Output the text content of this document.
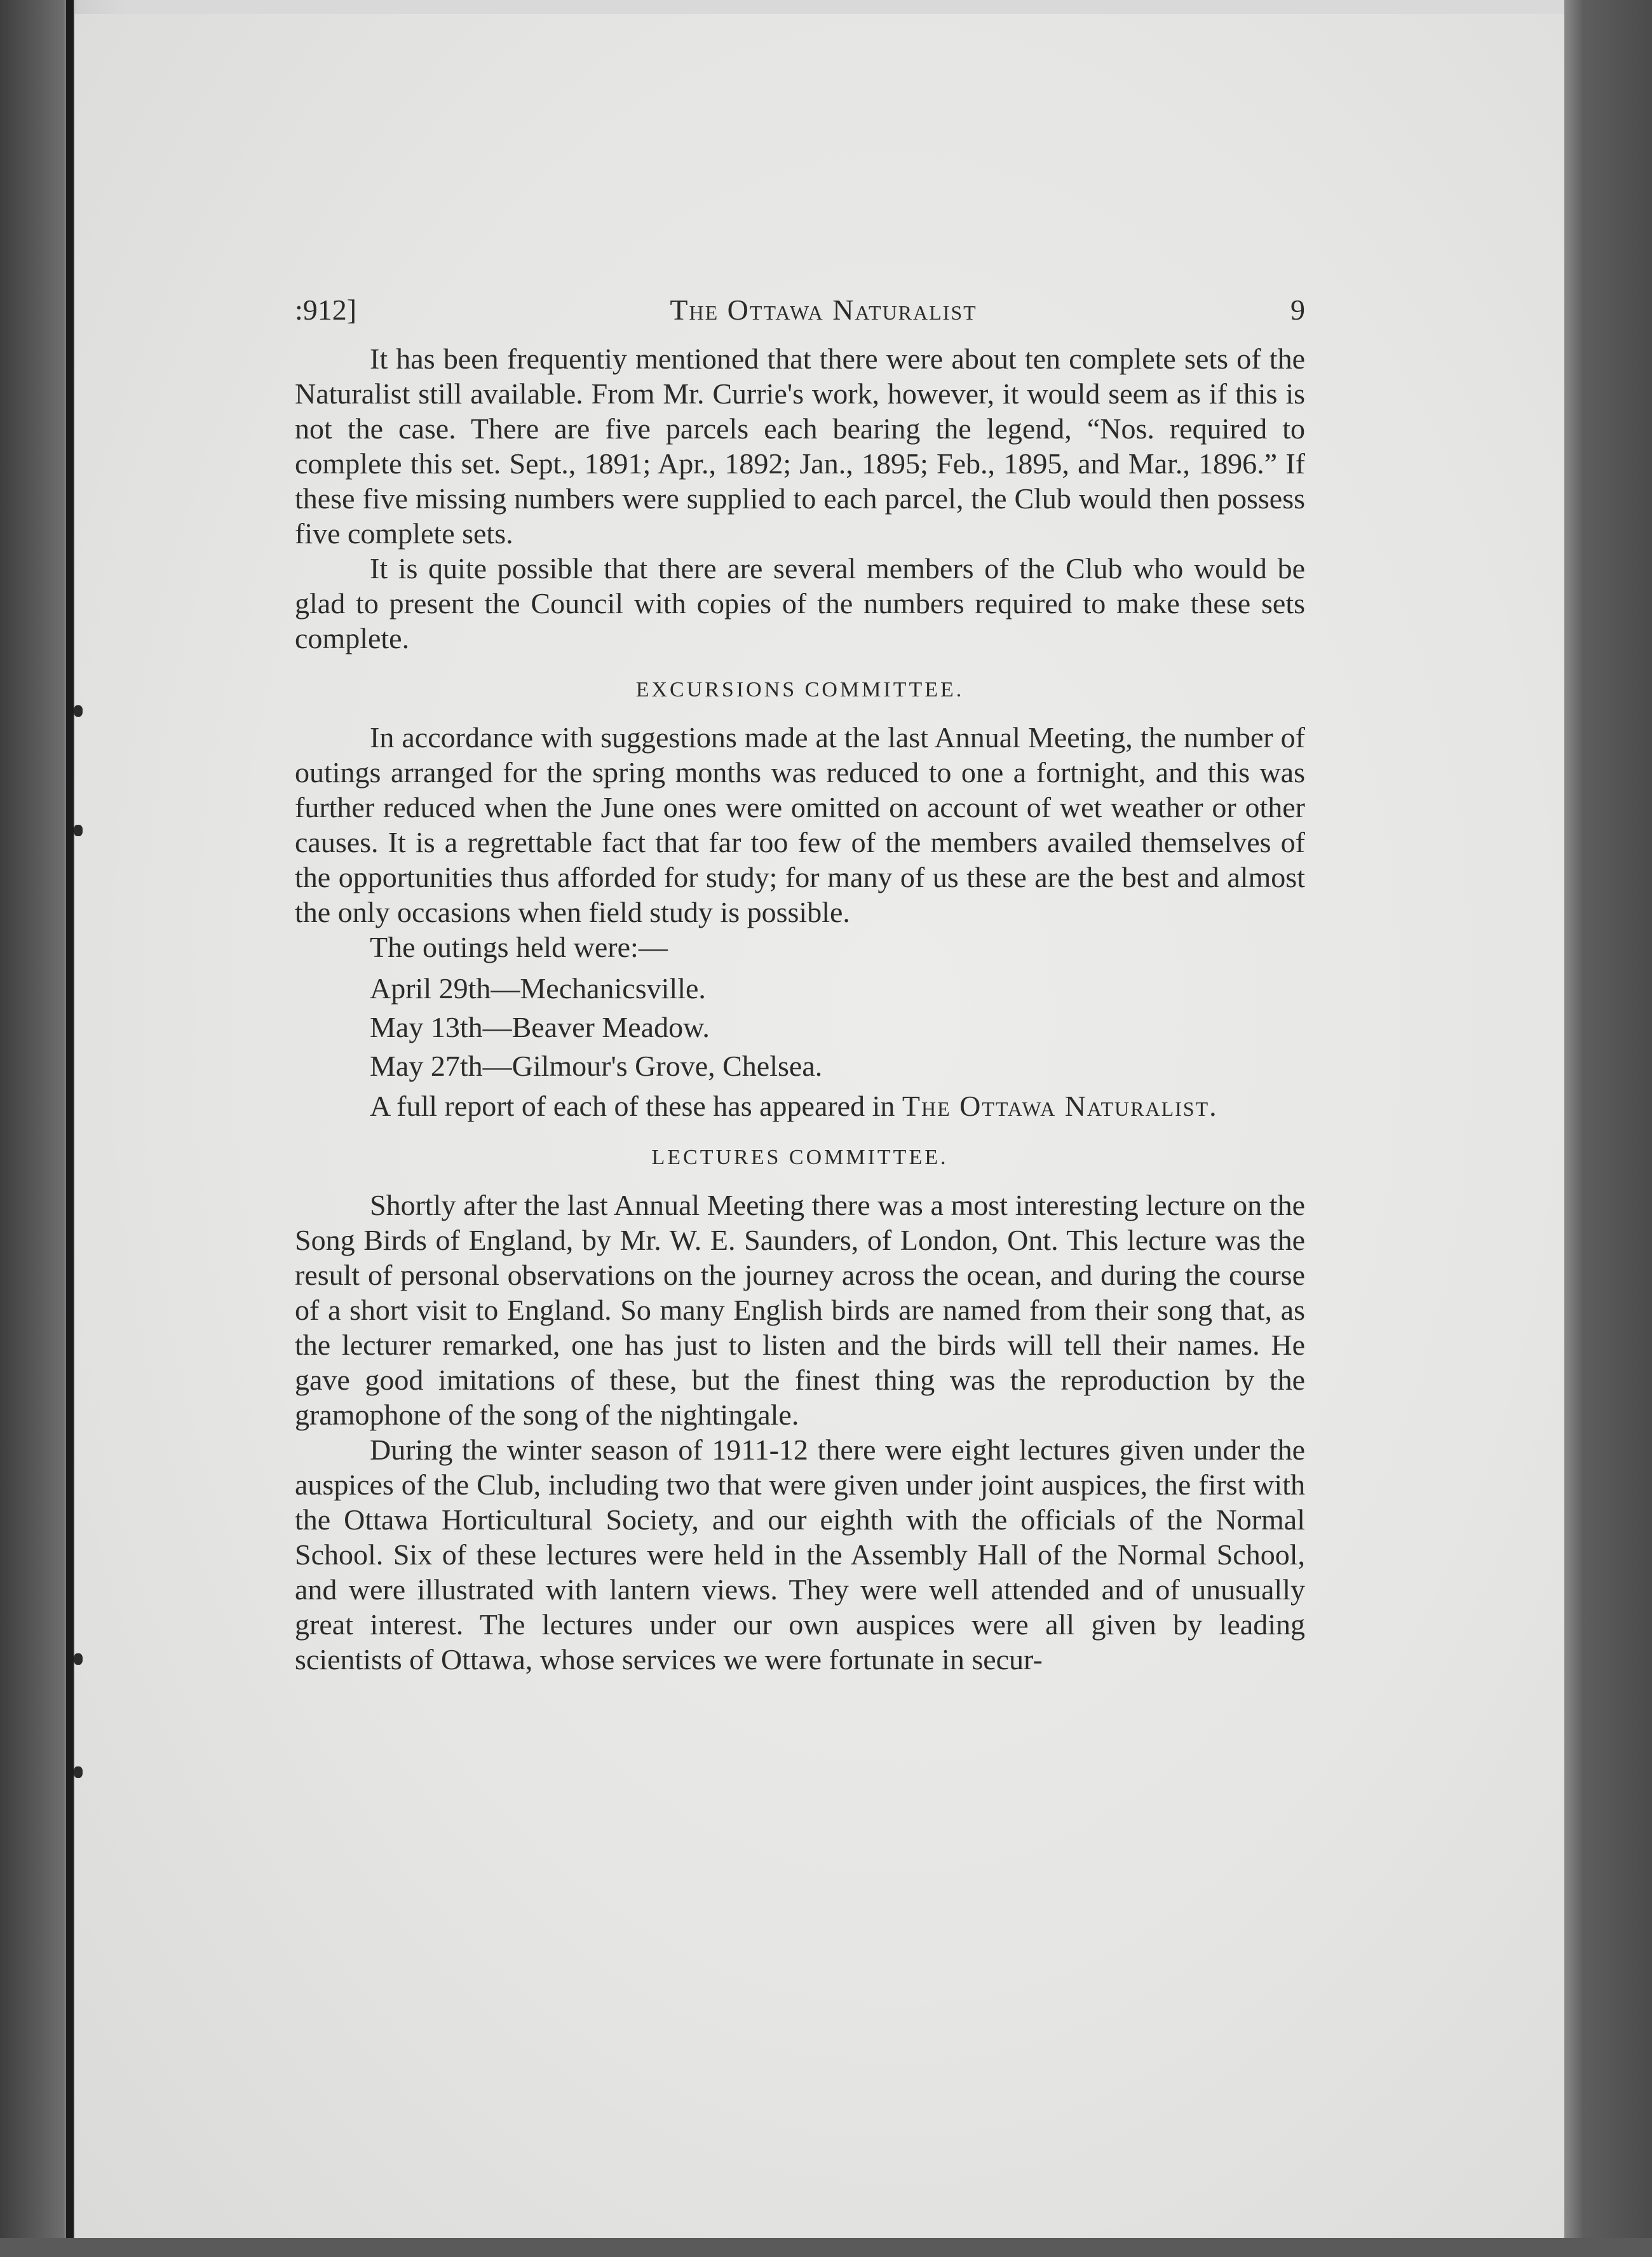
:912]	The Ottawa Naturalist	9

It has been frequentiy mentioned that there were about ten complete sets of the Naturalist still available. From Mr. Currie's work, however, it would seem as if this is not the case. There are five parcels each bearing the legend, “Nos. required to complete this set. Sept., 1891; Apr., 1892; Jan., 1895; Feb., 1895, and Mar., 1896.” If these five missing numbers were supplied to each parcel, the Club would then possess five complete sets.

It is quite possible that there are several members of the Club who would be glad to present the Council with copies of the numbers required to make these sets complete.

EXCURSIONS COMMITTEE.

In accordance with suggestions made at the last Annual Meeting, the number of outings arranged for the spring months was reduced to one a fortnight, and this was further reduced when the June ones were omitted on account of wet weather or other causes. It is a regrettable fact that far too few of the members availed themselves of the opportunities thus afforded for study; for many of us these are the best and almost the only occasions when field study is possible.

The outings held were:—

April 29th—Mechanicsville.
May 13th—Beaver Meadow.
May 27th—Gilmour's Grove, Chelsea.

A full report of each of these has appeared in The Ottawa Naturalist.

LECTURES COMMITTEE.

Shortly after the last Annual Meeting there was a most interesting lecture on the Song Birds of England, by Mr. W. E. Saunders, of London, Ont. This lecture was the result of personal observations on the journey across the ocean, and during the course of a short visit to England. So many English birds are named from their song that, as the lecturer remarked, one has just to listen and the birds will tell their names. He gave good imitations of these, but the finest thing was the reproduction by the gramophone of the song of the nightingale.

During the winter season of 1911-12 there were eight lectures given under the auspices of the Club, including two that were given under joint auspices, the first with the Ottawa Horticultural Society, and our eighth with the officials of the Normal School. Six of these lectures were held in the Assembly Hall of the Normal School, and were illustrated with lantern views. They were well attended and of unusually great interest. The lectures under our own auspices were all given by leading scientists of Ottawa, whose services we were fortunate in secur-
